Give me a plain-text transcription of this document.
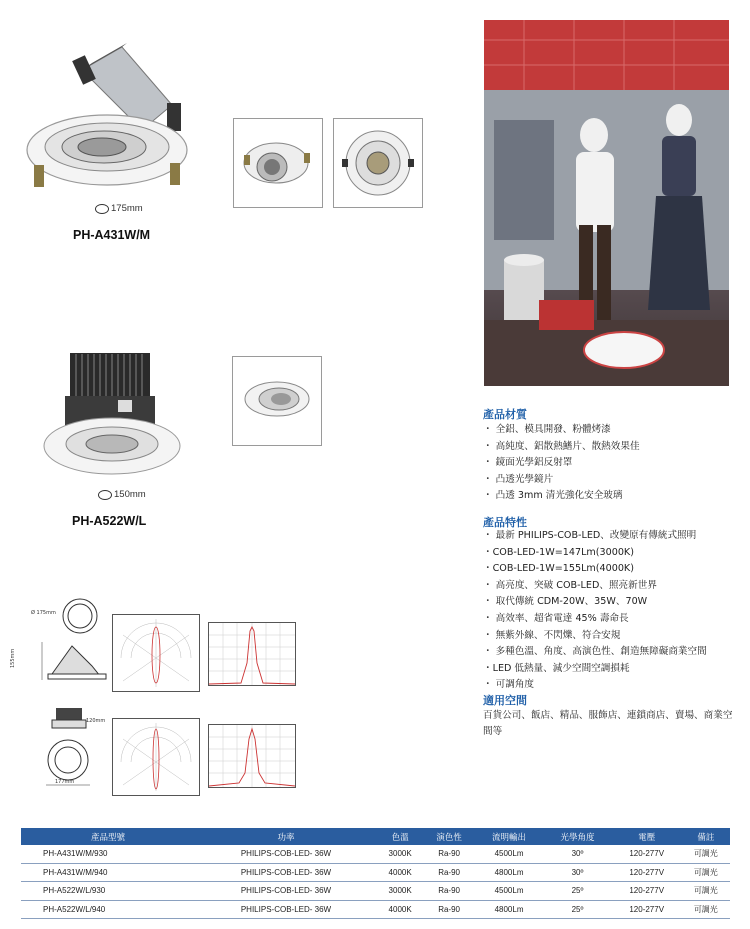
175mm
PH-A431W/M
150mm
PH-A522W/L
產品材質
・ 全鋁、模具開發、粉體烤漆
・ 高純度、鋁散熱鰭片、散熱效果佳
・ 鏡面光學鋁反射罩
・ 凸透光學鏡片
・ 凸透 3mm 清光強化安全玻璃
產品特性
・ 最新 PHILIPS-COB-LED、改變原有傳統式照明
・COB-LED-1W=147Lm(3000K)
・COB-LED-1W=155Lm(4000K)
・ 高亮度、突破 COB-LED、照亮新世界
・ 取代傳統 CDM-20W、35W、70W
・ 高效率、超省電達 45% 壽命長
・ 無紫外線、不閃爍、符合安規
・ 多種色溫、角度、高演色性、創造無障礙商業空間
・LED 低熱量、減少空間空調損耗
・ 可調角度
適用空間
百貨公司、飯店、精品、服飾店、連鎖商店、賣場、商業空間等
Ø 175mm
155mm
120mm
177mm
產品型號	功率	色溫	演色性	流明輸出	光學角度	電壓	備註
PH-A431W/M/930	PHILIPS-COB-LED- 36W	3000K	Ra-90	4500Lm	30º	120-277V	可調光
PH-A431W/M/940	PHILIPS-COB-LED- 36W	4000K	Ra-90	4800Lm	30º	120-277V	可調光
PH-A522W/L/930	PHILIPS-COB-LED- 36W	3000K	Ra-90	4500Lm	25º	120-277V	可調光
PH-A522W/L/940	PHILIPS-COB-LED- 36W	4000K	Ra-90	4800Lm	25º	120-277V	可調光
